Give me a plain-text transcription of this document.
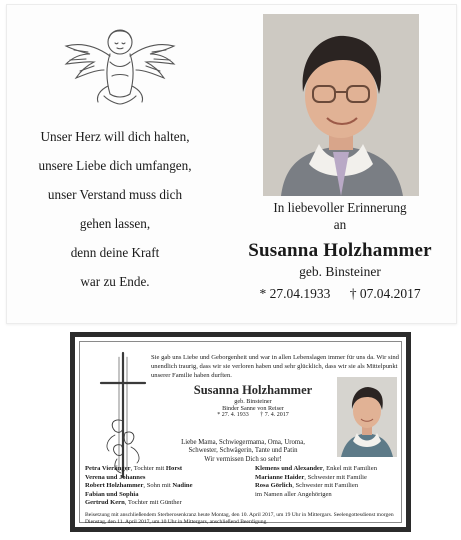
Unser Herz will dich halten,
unsere Liebe dich umfangen,
unser Verstand muss dich
gehen lassen,
denn deine Kraft
war zu Ende.
In liebevoller Erinnerung
an
Susanna Holzhammer
geb. Binsteiner
* 27.04.1933 † 07.04.2017
Sie gab uns Liebe und Geborgenheit und war in allen Lebenslagen immer für uns da. Wir sind unendlich traurig, dass wir sie verloren haben und sehr glücklich, dass wir sie als Mittelpunkt unserer Familie haben durften.
Susanna Holzhammer
geb. Binsteiner
Binder Sanne von Reiser
* 27. 4. 1933 † 7. 4. 2017
Liebe Mama, Schwiegermama, Oma, Uroma,
Schwester, Schwägerin, Tante und Patin
Wir vermissen Dich so sehr!
Petra Vierlinger, Tochter mit Horst
Verena und Johannes
Robert Holzhammer, Sohn mit Nadine
Fabian und Sophia
Gertrud Kern, Tochter mit Günther
Klemens und Alexander, Enkel mit Familien
Marianne Haider, Schwester mit Familie
Rosa Görlich, Schwester mit Familien
im Namen aller Angehörigen
Beisetzung mit anschließendem Sterberosenkranz heute Montag, den 10. April 2017, um 19 Uhr in Mittergars. Seelengottesdienst morgen Dienstag, den 11. April 2017, um 10 Uhr in Mittergars, anschließend Beerdigung.
